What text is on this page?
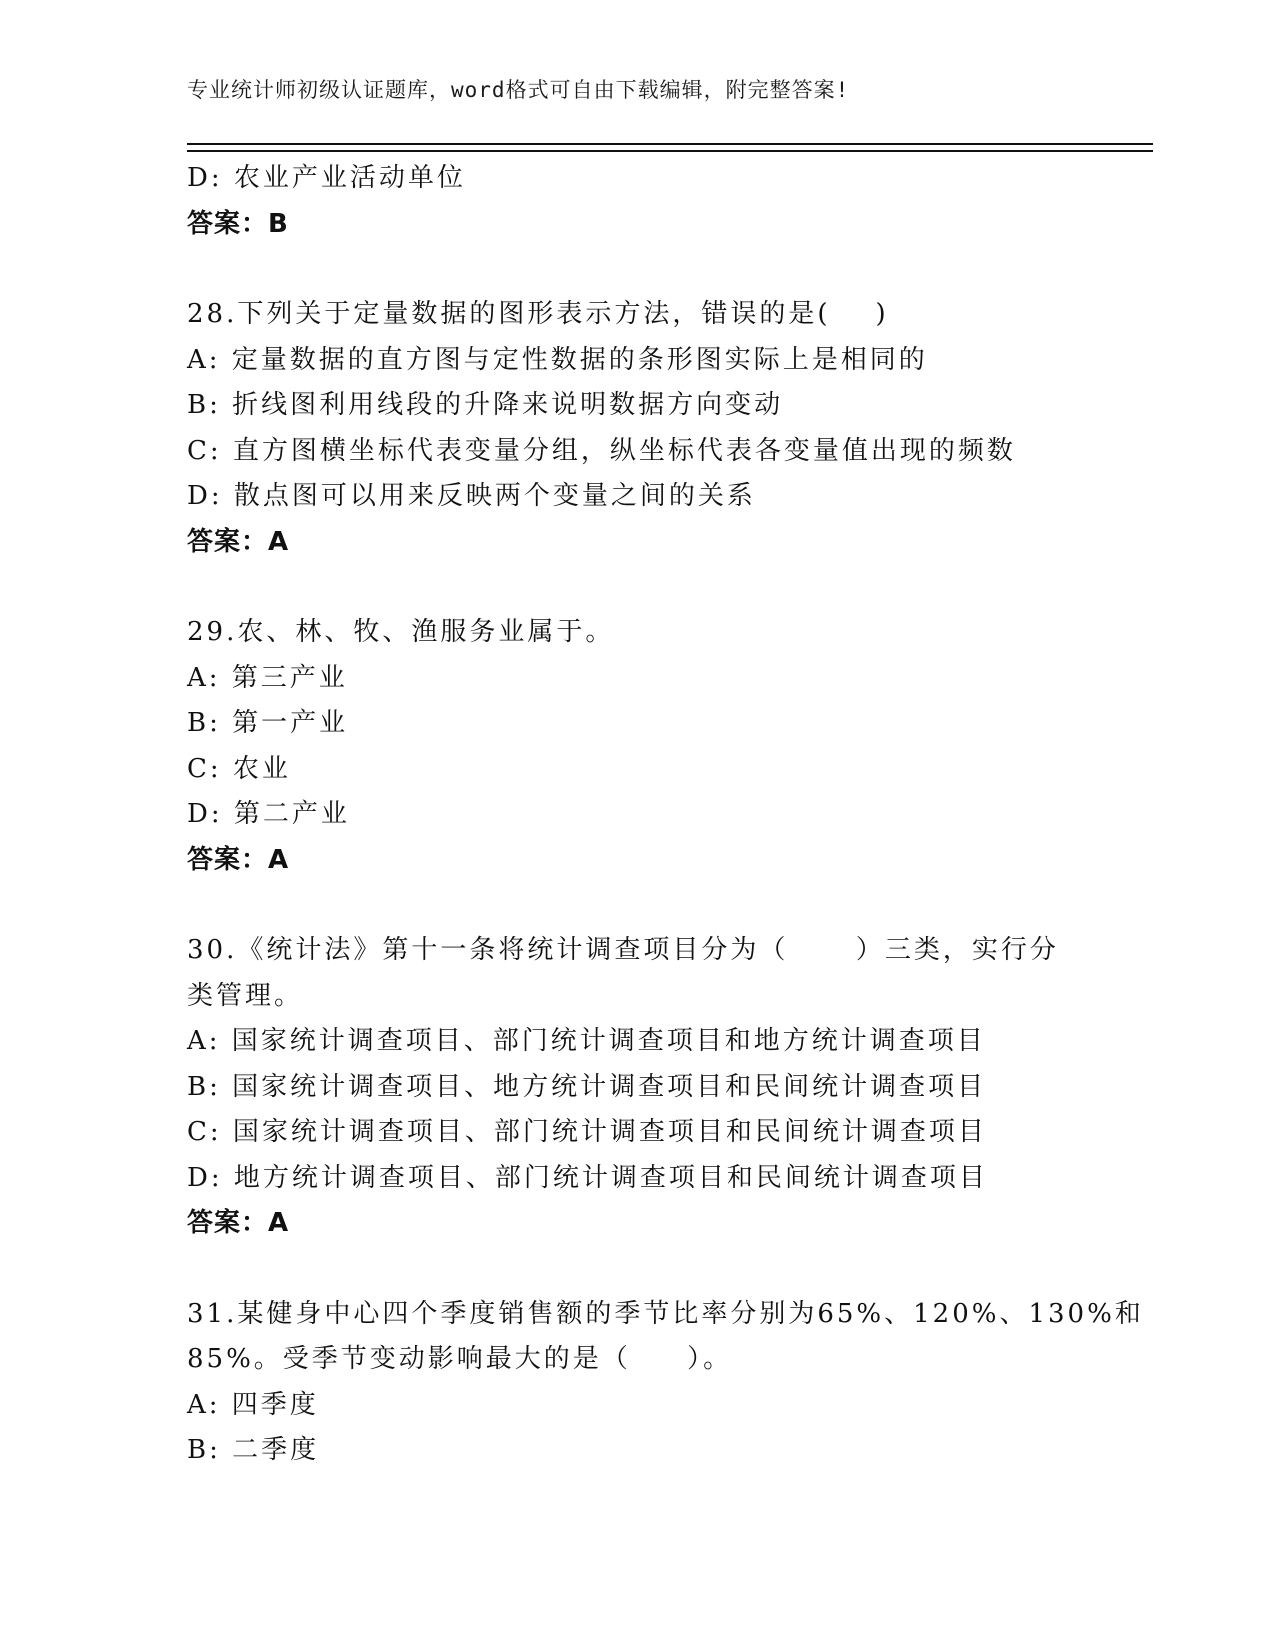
专业统计师初级认证题库，word格式可自由下载编辑，附完整答案!
D: 农业产业活动单位
答案：B
28.下列关于定量数据的图形表示方法，错误的是(    )
A: 定量数据的直方图与定性数据的条形图实际上是相同的
B: 折线图利用线段的升降来说明数据方向变动
C: 直方图横坐标代表变量分组，纵坐标代表各变量值出现的频数
D: 散点图可以用来反映两个变量之间的关系
答案：A
29.农、林、牧、渔服务业属于。
A: 第三产业
B: 第一产业
C: 农业
D: 第二产业
答案：A
30.《统计法》第十一条将统计调查项目分为（      ）三类，实行分
类管理。
A: 国家统计调查项目、部门统计调查项目和地方统计调查项目
B: 国家统计调查项目、地方统计调查项目和民间统计调查项目
C: 国家统计调查项目、部门统计调查项目和民间统计调查项目
D: 地方统计调查项目、部门统计调查项目和民间统计调查项目
答案：A
31.某健身中心四个季度销售额的季节比率分别为65%、120%、130%和
85%。受季节变动影响最大的是（     ）。
A: 四季度
B: 二季度
